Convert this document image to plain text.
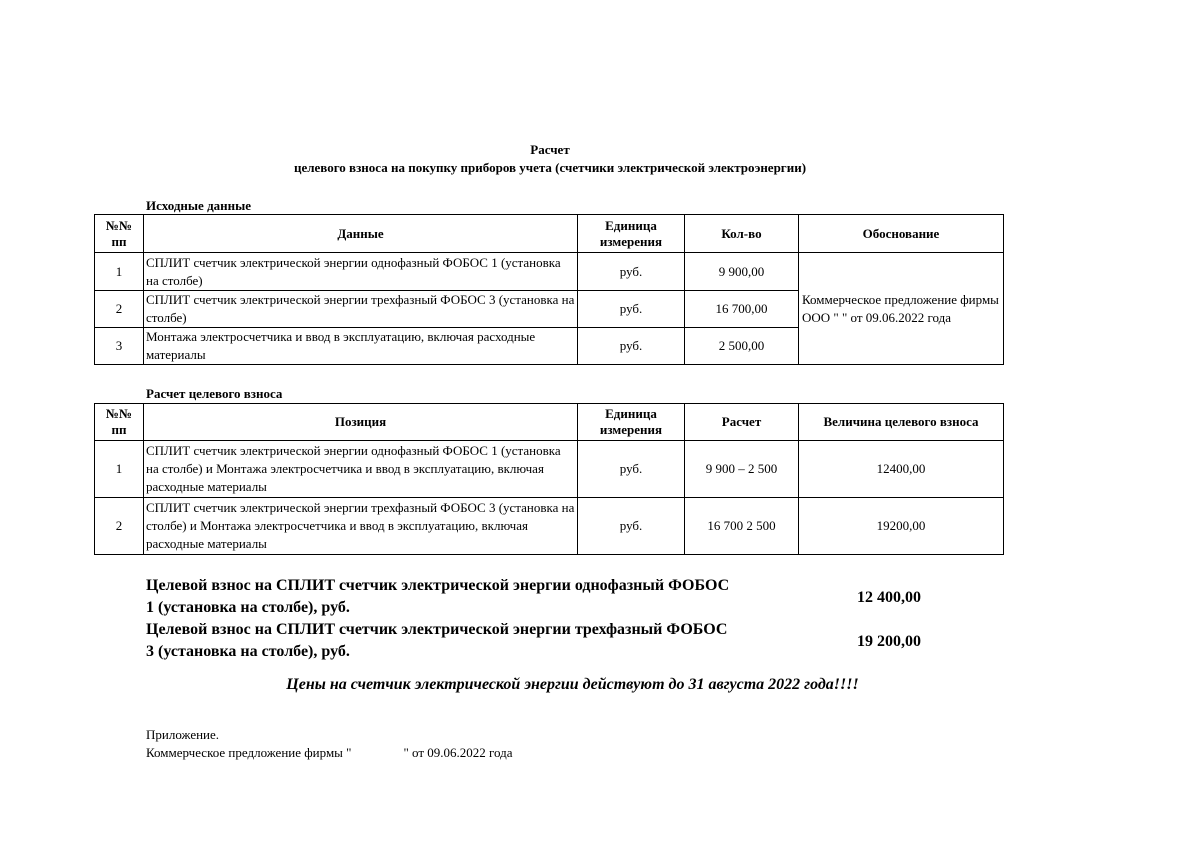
Расчет
целевого взноса на покупку приборов учета (счетчики электрической электроэнергии)
Исходные данные
№№ пп	Данные	Единица измерения	Кол-во	Обоснование
1	СПЛИТ счетчик электрической энергии однофазный ФОБОС 1 (установка на столбе)	руб.	9 900,00	Коммерческое предложение фирмы ООО " " от 09.06.2022 года
2	СПЛИТ счетчик электрической энергии трехфазный ФОБОС 3 (установка на столбе)	руб.	16 700,00	
3	Монтажа электросчетчика и ввод в эксплуатацию, включая расходные материалы	руб.	2 500,00	
Расчет целевого взноса
№№ пп	Позиция	Единица измерения	Расчет	Величина целевого взноса
1	СПЛИТ счетчик электрической энергии однофазный ФОБОС 1 (установка на столбе) и Монтажа электросчетчика и ввод в эксплуатацию, включая расходные материалы	руб.	9 900 – 2 500	12400,00
2	СПЛИТ счетчик электрической энергии трехфазный ФОБОС 3 (установка на столбе) и Монтажа электросчетчика и ввод в эксплуатацию, включая расходные материалы	руб.	16 700 2 500	19200,00
Целевой взнос на СПЛИТ счетчик электрической энергии однофазный ФОБОС
1 (установка на столбе), руб.
12 400,00
Целевой взнос на СПЛИТ счетчик электрической энергии трехфазный ФОБОС
3 (установка на столбе), руб.
19 200,00
Цены на счетчик электрической энергии действуют до 31 августа 2022 года!!!!
Приложение.
Коммерческое предложение фирмы "                " от 09.06.2022 года
